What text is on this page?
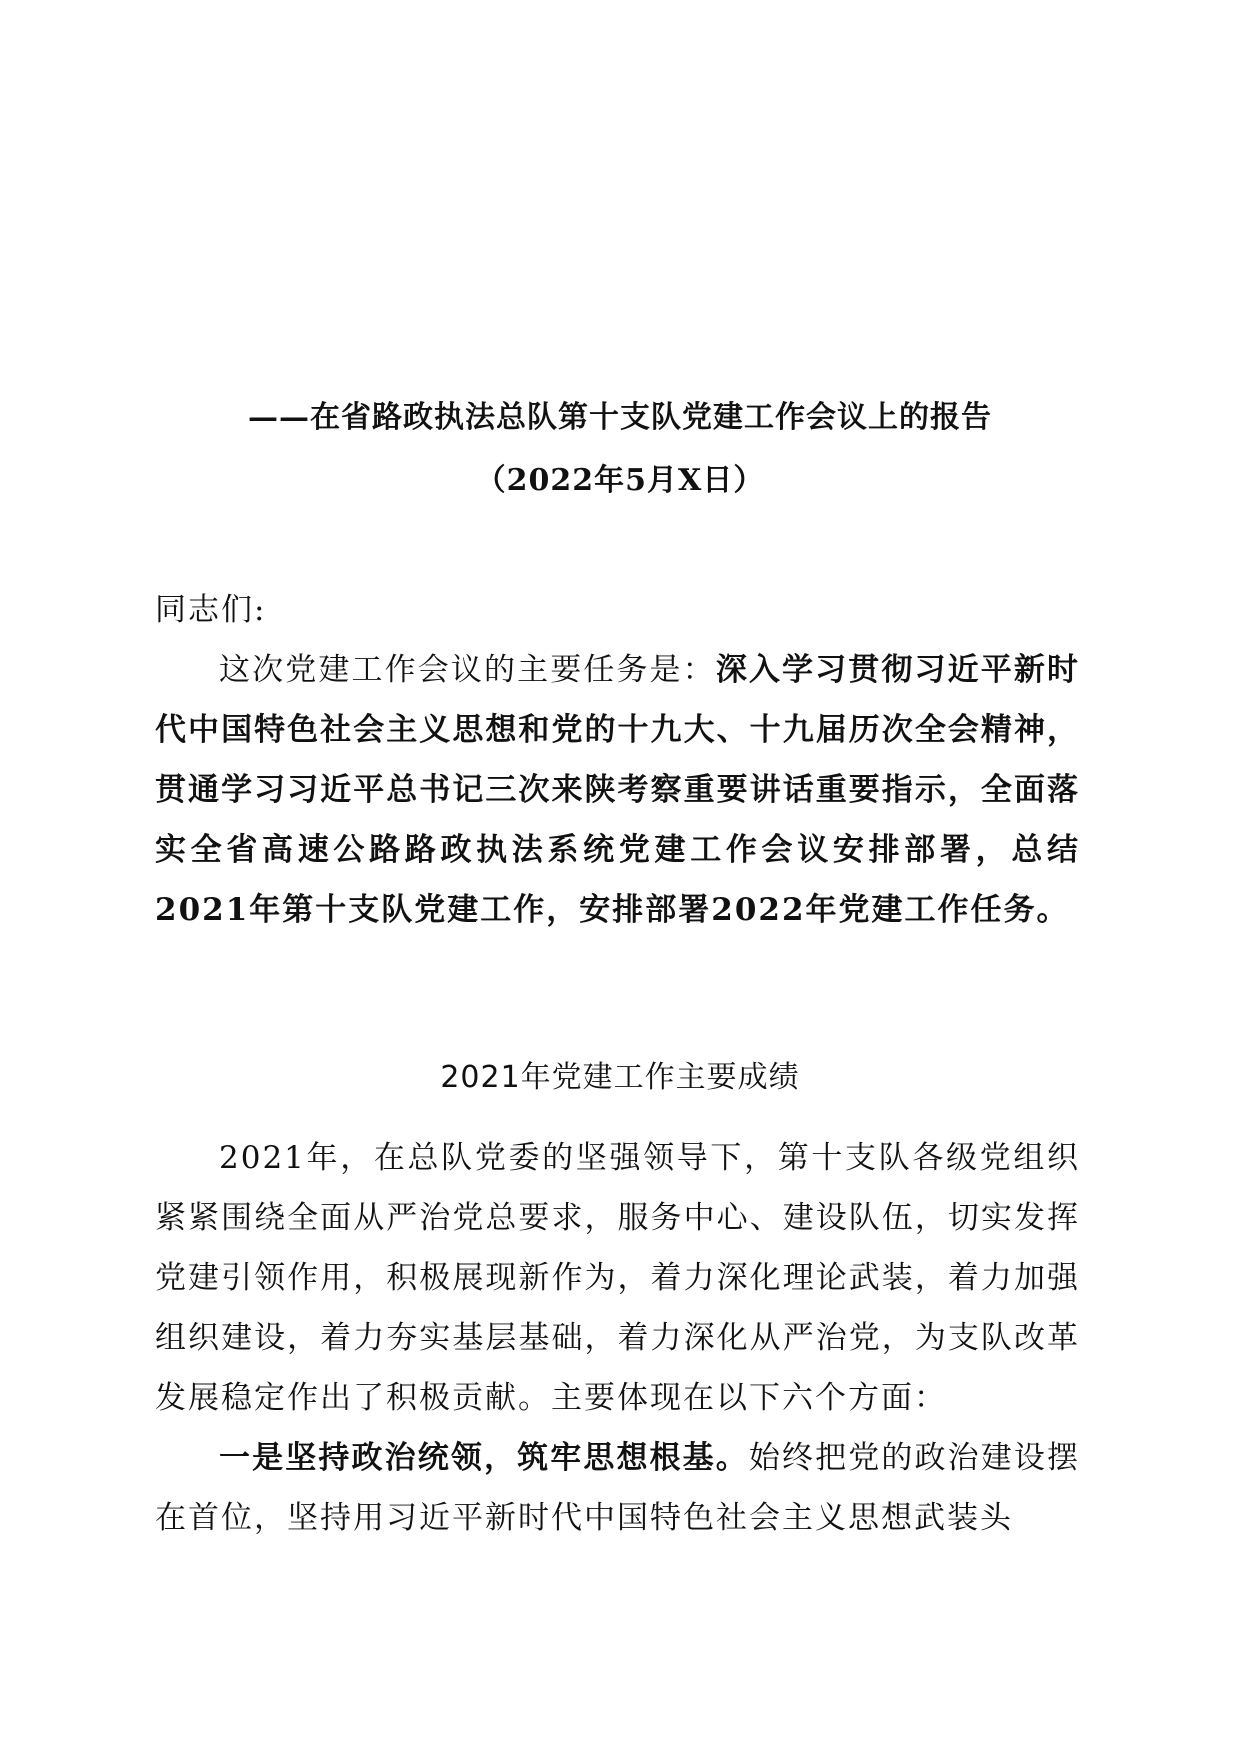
——在省路政执法总队第十支队党建工作会议上的报告
（2022年5月X日）
同志们:
这次党建工作会议的主要任务是：深入学习贯彻习近平新时代中国特色社会主义思想和党的十九大、十九届历次全会精神，贯通学习习近平总书记三次来陕考察重要讲话重要指示，全面落实全省高速公路路政执法系统党建工作会议安排部署，总结2021年第十支队党建工作，安排部署2022年党建工作任务。
2021年党建工作主要成绩
2021年，在总队党委的坚强领导下，第十支队各级党组织紧紧围绕全面从严治党总要求，服务中心、建设队伍，切实发挥党建引领作用，积极展现新作为，着力深化理论武装，着力加强组织建设，着力夯实基层基础，着力深化从严治党，为支队改革发展稳定作出了积极贡献。主要体现在以下六个方面：
一是坚持政治统领，筑牢思想根基。始终把党的政治建设摆在首位，坚持用习近平新时代中国特色社会主义思想武装头
